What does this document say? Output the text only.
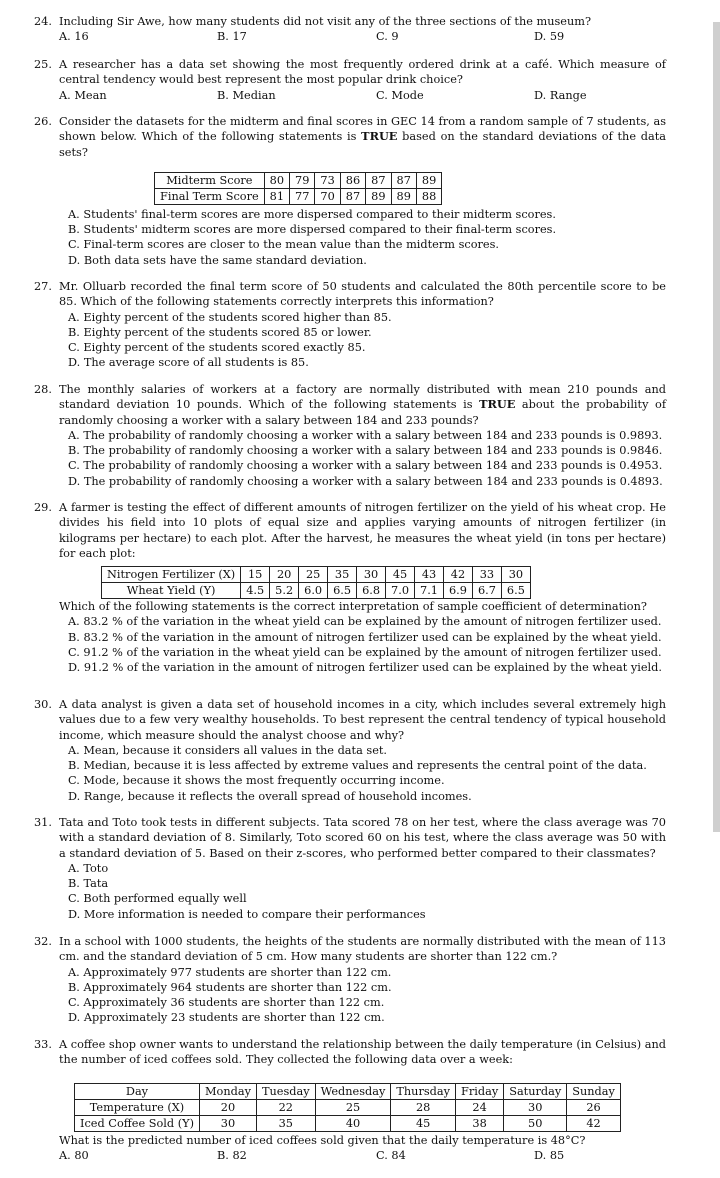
24. Including Sir Awe, how many students did not visit any of the three sections of the museum?
A. 16	B. 17	C. 9	D. 59
25. A researcher has a data set showing the most frequently ordered drink at a café. Which measure of central tendency would best represent the most popular drink choice?
A. Mean	B. Median	C. Mode	D. Range
26. Consider the datasets for the midterm and final scores in GEC 14 from a random sample of 7 students, as shown below. Which of the following statements is TRUE based on the standard deviations of the data sets?
Midterm Score	80	79	73	86	87	87	89
Final Term Score	81	77	70	87	89	89	88
A. Students' final-term scores are more dispersed compared to their midterm scores.
B. Students' midterm scores are more dispersed compared to their final-term scores.
C. Final-term scores are closer to the mean value than the midterm scores.
D. Both data sets have the same standard deviation.
27. Mr. Olluarb recorded the final term score of 50 students and calculated the 80th percentile score to be 85. Which of the following statements correctly interprets this information?
A. Eighty percent of the students scored higher than 85.
B. Eighty percent of the students scored 85 or lower.
C. Eighty percent of the students scored exactly 85.
D. The average score of all students is 85.
28. The monthly salaries of workers at a factory are normally distributed with mean 210 pounds and standard deviation 10 pounds. Which of the following statements is TRUE about the probability of randomly choosing a worker with a salary between 184 and 233 pounds?
A. The probability of randomly choosing a worker with a salary between 184 and 233 pounds is 0.9893.
B. The probability of randomly choosing a worker with a salary between 184 and 233 pounds is 0.9846.
C. The probability of randomly choosing a worker with a salary between 184 and 233 pounds is 0.4953.
D. The probability of randomly choosing a worker with a salary between 184 and 233 pounds is 0.4893.
29. A farmer is testing the effect of different amounts of nitrogen fertilizer on the yield of his wheat crop. He divides his field into 10 plots of equal size and applies varying amounts of nitrogen fertilizer (in kilograms per hectare) to each plot. After the harvest, he measures the wheat yield (in tons per hectare) for each plot:
Nitrogen Fertilizer (X)	15	20	25	35	30	45	43	42	33	30
Wheat Yield (Y)	4.5	5.2	6.0	6.5	6.8	7.0	7.1	6.9	6.7	6.5
Which of the following statements is the correct interpretation of sample coefficient of determination?
A. 83.2 % of the variation in the wheat yield can be explained by the amount of nitrogen fertilizer used.
B. 83.2 % of the variation in the amount of nitrogen fertilizer used can be explained by the wheat yield.
C. 91.2 % of the variation in the wheat yield can be explained by the amount of nitrogen fertilizer used.
D. 91.2 % of the variation in the amount of nitrogen fertilizer used can be explained by the wheat yield.
30. A data analyst is given a data set of household incomes in a city, which includes several extremely high values due to a few very wealthy households. To best represent the central tendency of typical household income, which measure should the analyst choose and why?
A. Mean, because it considers all values in the data set.
B. Median, because it is less affected by extreme values and represents the central point of the data.
C. Mode, because it shows the most frequently occurring income.
D. Range, because it reflects the overall spread of household incomes.
31. Tata and Toto took tests in different subjects. Tata scored 78 on her test, where the class average was 70 with a standard deviation of 8. Similarly, Toto scored 60 on his test, where the class average was 50 with a standard deviation of 5. Based on their z-scores, who performed better compared to their classmates?
A. Toto
B. Tata
C. Both performed equally well
D. More information is needed to compare their performances
32. In a school with 1000 students, the heights of the students are normally distributed with the mean of 113 cm. and the standard deviation of 5 cm. How many students are shorter than 122 cm.?
A. Approximately 977 students are shorter than 122 cm.
B. Approximately 964 students are shorter than 122 cm.
C. Approximately 36 students are shorter than 122 cm.
D. Approximately 23 students are shorter than 122 cm.
33. A coffee shop owner wants to understand the relationship between the daily temperature (in Celsius) and the number of iced coffees sold. They collected the following data over a week:
Day	Monday	Tuesday	Wednesday	Thursday	Friday	Saturday	Sunday
Temperature (X)	20	22	25	28	24	30	26
Iced Coffee Sold (Y)	30	35	40	45	38	50	42
What is the predicted number of iced coffees sold given that the daily temperature is 48°C?
A. 80	B. 82	C. 84	D. 85
